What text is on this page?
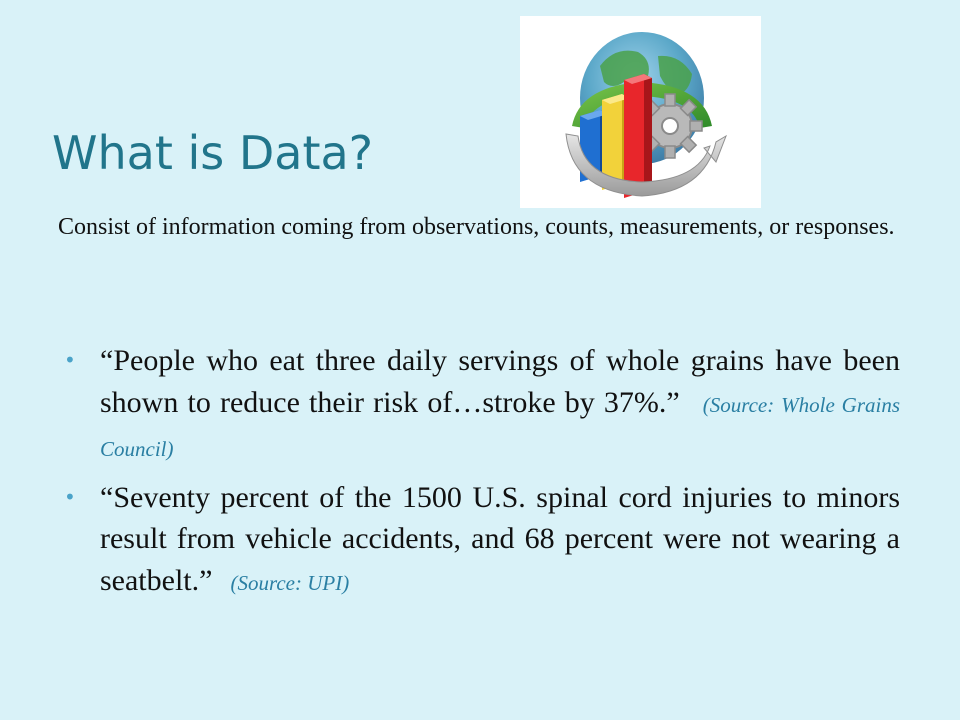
What is Data?

Consist of information coming from observations, counts, measurements, or responses.

• “People who eat three daily servings of whole grains have been shown to reduce their risk of…stroke by 37%.”   (Source: Whole Grains Council)
• “Seventy percent of the 1500 U.S. spinal cord injuries to minors result from vehicle accidents, and 68 percent were not wearing a seatbelt.”   (Source: UPI)
